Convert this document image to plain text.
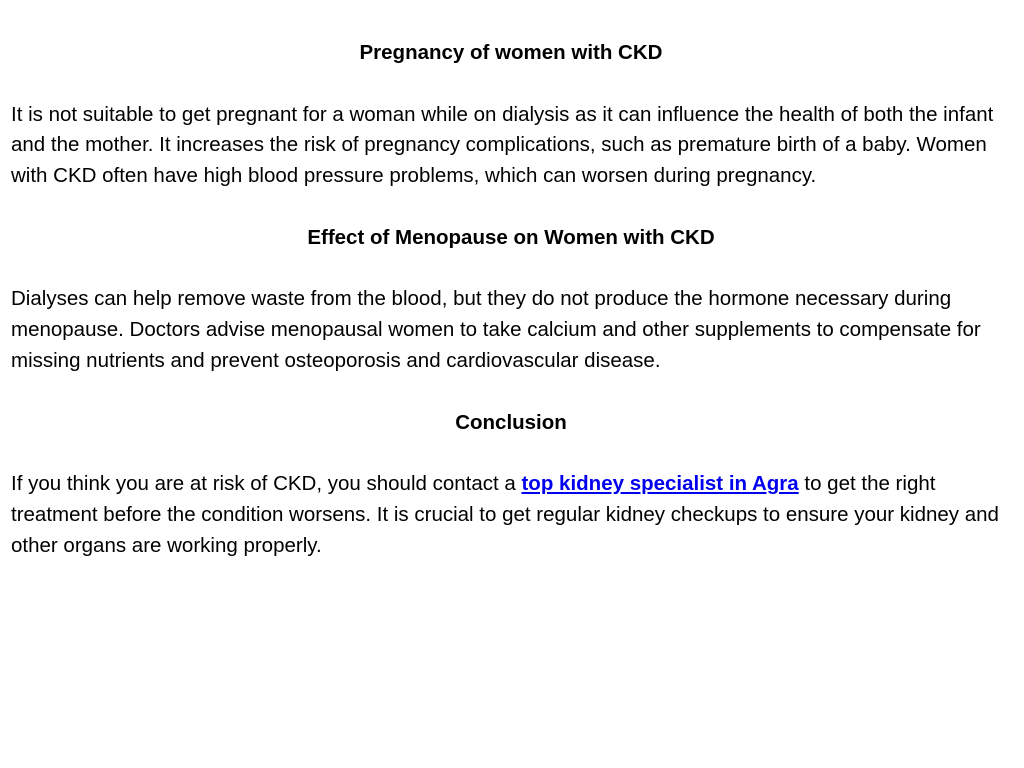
Pregnancy of women with CKD

It is not suitable to get pregnant for a woman while on dialysis as it can influence the health of both the infant and the mother. It increases the risk of pregnancy complications, such as premature birth of a baby. Women with CKD often have high blood pressure problems, which can worsen during pregnancy.

Effect of Menopause on Women with CKD

Dialyses can help remove waste from the blood, but they do not produce the hormone necessary during menopause. Doctors advise menopausal women to take calcium and other supplements to compensate for missing nutrients and prevent osteoporosis and cardiovascular disease.

Conclusion

If you think you are at risk of CKD, you should contact a top kidney specialist in Agra to get the right treatment before the condition worsens. It is crucial to get regular kidney checkups to ensure your kidney and other organs are working properly.
